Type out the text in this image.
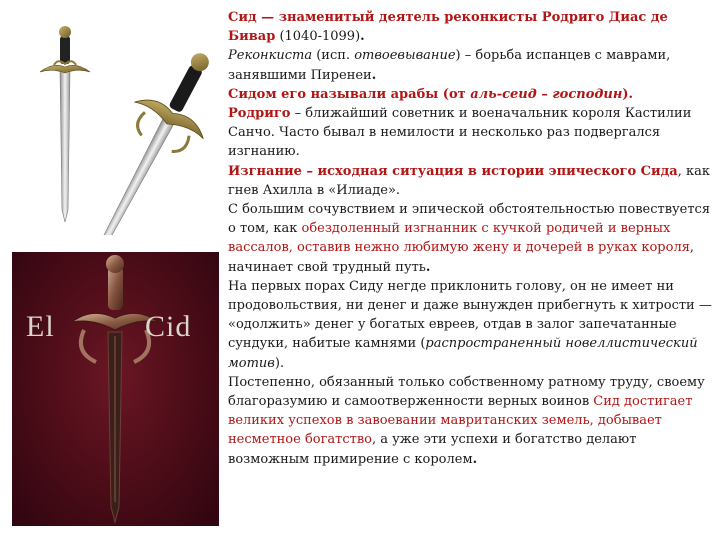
El	Cid

Сид — знаменитый деятель реконкисты Родриго Диас де Бивар (1040-1099).

Реконкиста (исп. отвоевывание) – борьба испанцев с маврами, занявшими Пиренеи.

Сидом его называли арабы (от аль-сеид – господин).

Родриго – ближайший советник и военачальник короля Кастилии Санчо. Часто бывал в немилости и несколько раз подвергался изгнанию.

Изгнание – исходная ситуация в истории эпического Сида, как гнев Ахилла в «Илиаде».

С большим сочувствием и эпической обстоятельностью повествуется о том, как обездоленный изгнанник с кучкой родичей и верных вассалов, оставив нежно любимую жену и дочерей в руках короля, начинает свой трудный путь.

На первых порах Сиду негде приклонить голову, он не имеет ни продовольствия, ни денег и даже вынужден прибегнуть к хитрости — «одолжить» денег у богатых евреев, отдав в залог запечатанные сундуки, набитые камнями (распространенный новеллистический мотив).

Постепенно, обязанный только собственному ратному труду, своему благоразумию и самоотверженности верных воинов Сид достигает великих успехов в завоевании мавританских земель, добывает несметное богатство, а уже эти успехи и богатство делают возможным примирение с королем.
